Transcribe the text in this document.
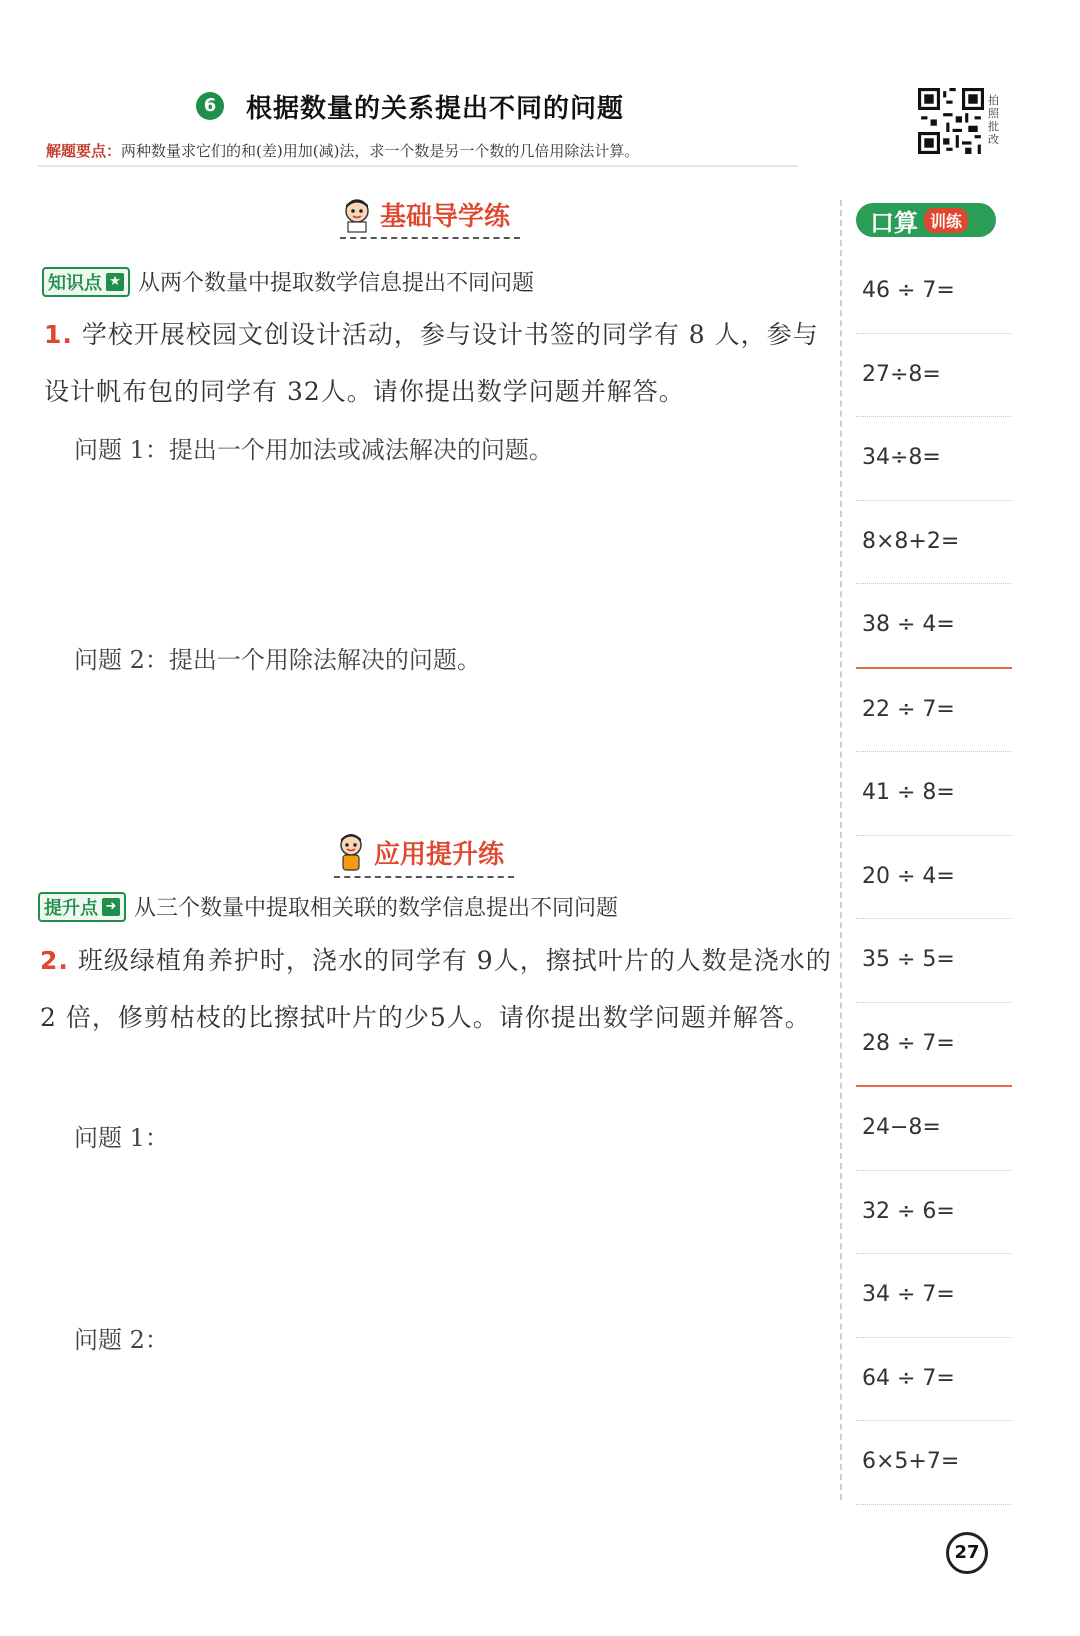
6 根据数量的关系提出不同的问题
解题要点：两种数量求它们的和(差)用加(减)法，求一个数是另一个数的几倍用除法计算。
拍照批改
基础导学练
知识点 ★ 从两个数量中提取数学信息提出不同问题
1. 学校开展校园文创设计活动，参与设计书签的同学有 8 人，参与设计帆布包的同学有 32人。请你提出数学问题并解答。
问题 1：提出一个用加法或减法解决的问题。
问题 2：提出一个用除法解决的问题。
应用提升练
提升点 ➜ 从三个数量中提取相关联的数学信息提出不同问题
2. 班级绿植角养护时，浇水的同学有 9人，擦拭叶片的人数是浇水的2 倍，修剪枯枝的比擦拭叶片的少5人。请你提出数学问题并解答。
问题 1：
问题 2：
口算 训练
46 ÷ 7=
27÷8=
34÷8=
8×8+2=
38 ÷ 4=
22 ÷ 7=
41 ÷ 8=
20 ÷ 4=
35 ÷ 5=
28 ÷ 7=
24−8=
32 ÷ 6=
34 ÷ 7=
64 ÷ 7=
6×5+7=
27
